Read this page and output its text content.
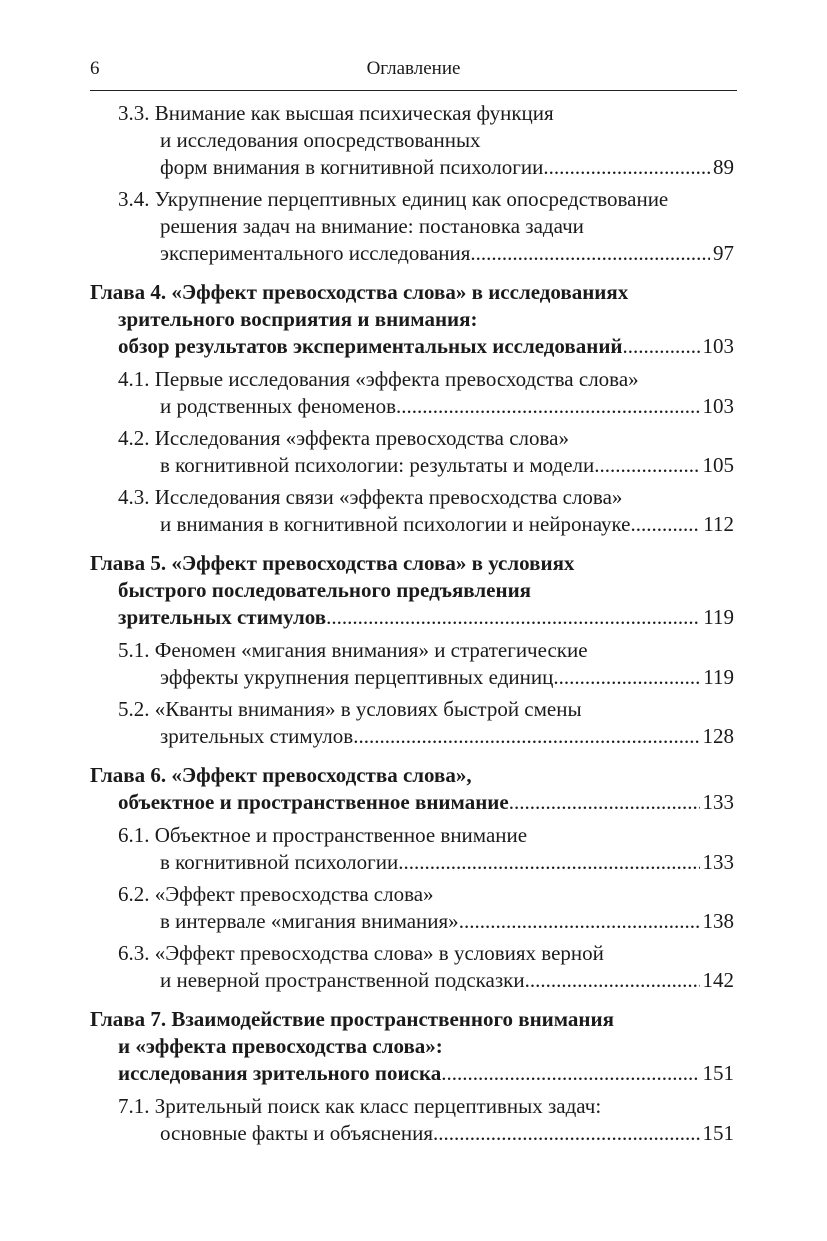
6	Оглавление
3.3. Внимание как высшая психическая функция
и исследования опосредствованных
форм внимания в когнитивной психологии .....	89
3.4. Укрупнение перцептивных единиц как опосредствование
решения задач на внимание: постановка задачи
экспериментального исследования .....	97
Глава 4. «Эффект превосходства слова» в исследованиях
зрительного восприятия и внимания:
обзор результатов экспериментальных исследований .....	103
4.1. Первые исследования «эффекта превосходства слова»
и родственных феноменов .....	103
4.2. Исследования «эффекта превосходства слова»
в когнитивной психологии: результаты и модели .....	105
4.3. Исследования связи «эффекта превосходства слова»
и внимания в когнитивной психологии и нейронауке .....	112
Глава 5. «Эффект превосходства слова» в условиях
быстрого последовательного предъявления
зрительных стимулов .....	119
5.1. Феномен «мигания внимания» и стратегические
эффекты укрупнения перцептивных единиц .....	119
5.2. «Кванты внимания» в условиях быстрой смены
зрительных стимулов .....	128
Глава 6. «Эффект превосходства слова»,
объектное и пространственное внимание .....	133
6.1. Объектное и пространственное внимание
в когнитивной психологии .....	133
6.2. «Эффект превосходства слова»
в интервале «мигания внимания» .....	138
6.3. «Эффект превосходства слова» в условиях верной
и неверной пространственной подсказки .....	142
Глава 7. Взаимодействие пространственного внимания
и «эффекта превосходства слова»:
исследования зрительного поиска .....	151
7.1. Зрительный поиск как класс перцептивных задач:
основные факты и объяснения .....	151
